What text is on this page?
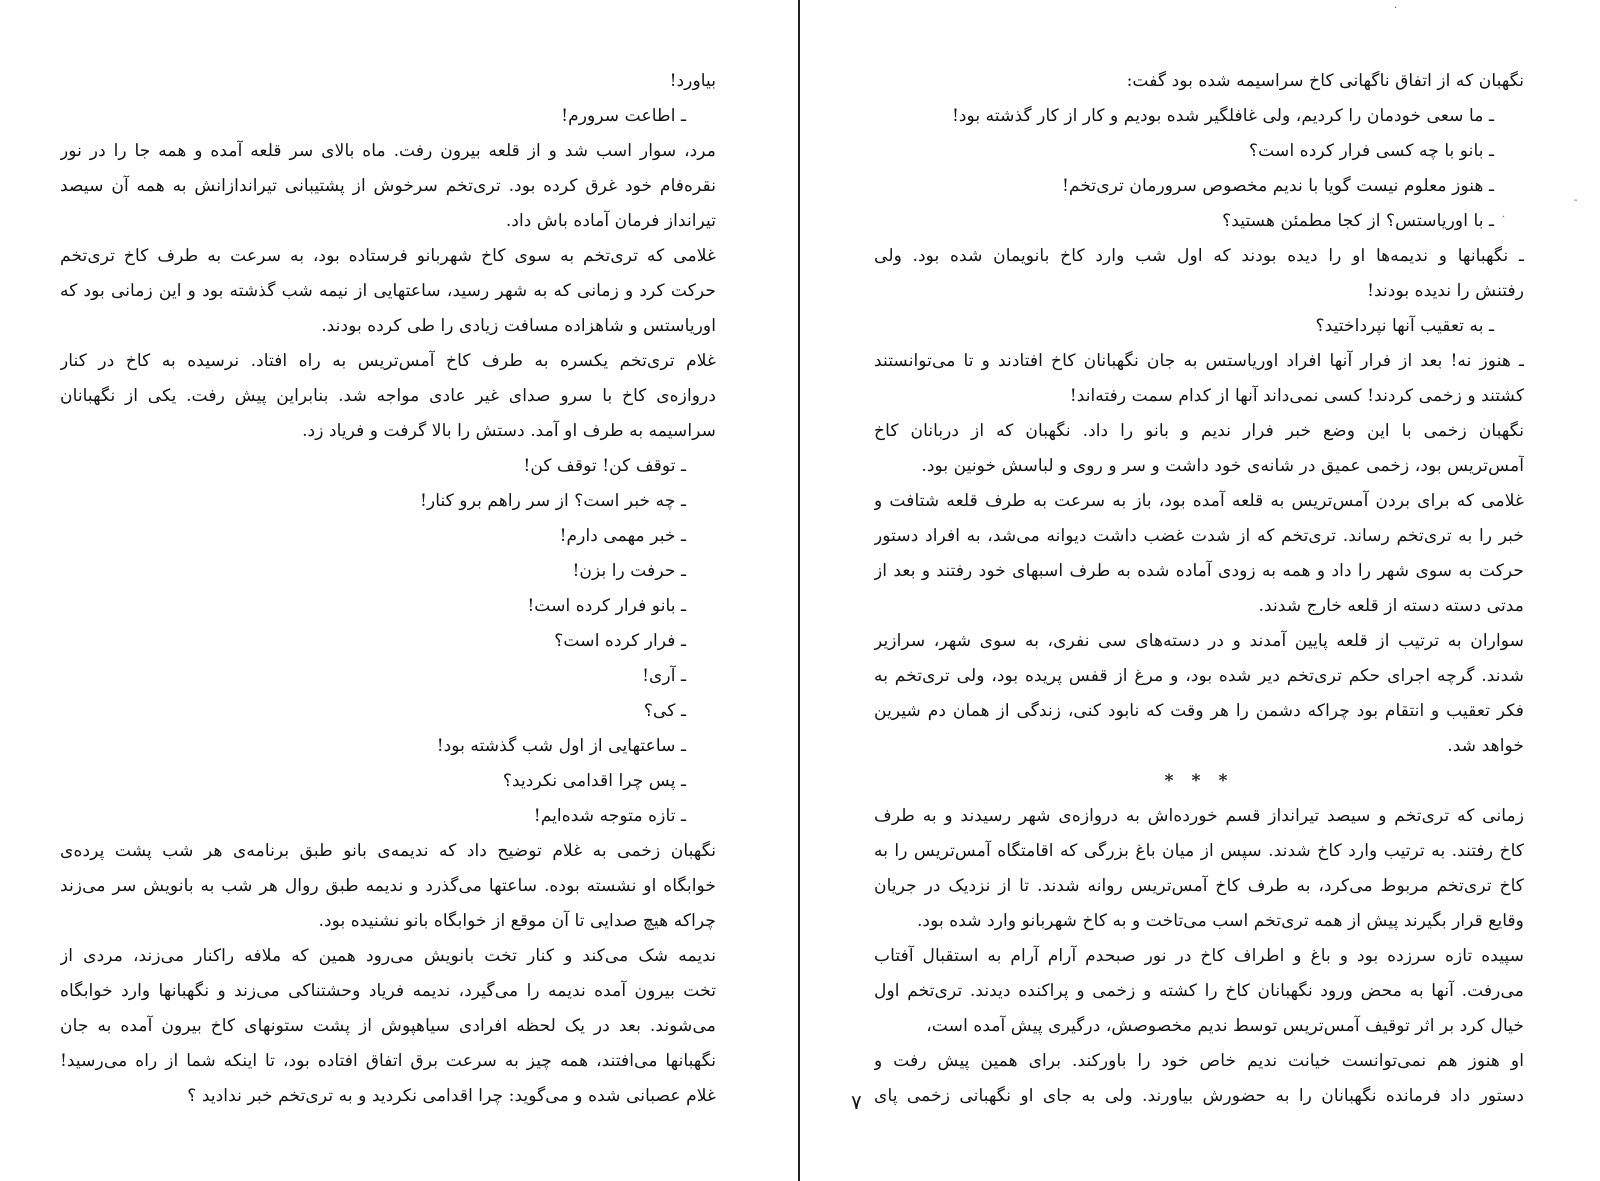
بیاورد!
ـ اطاعت سرورم!
مرد، سوار اسب شد و از قلعه بیرون رفت. ماه بالای سر قلعه آمده و همه جا را در نور
نقره‌فام خود غرق کرده بود. تری‌تخم سرخوش از پشتیبانی تیراندازانش به همه آن سیصد
تیرانداز فرمان آماده باش داد.
غلامی که تری‌تخم به سوی کاخ شهربانو فرستاده بود، به سرعت به طرف کاخ تری‌تخم
حرکت کرد و زمانی که به شهر رسید، ساعتهایی از نیمه شب گذشته بود و این زمانی بود که
اوریاستس و شاهزاده مسافت زیادی را طی کرده بودند.
غلام تری‌تخم یکسره به طرف کاخ آمس‌تریس به راه افتاد. نرسیده به کاخ در کنار
دروازه‌ی کاخ با سرو صدای غیر عادی مواجه شد. بنابراین پیش رفت. یکی از نگهبانان
سراسیمه به طرف او آمد. دستش را بالا گرفت و فریاد زد.
ـ توقف کن! توقف کن!
ـ چه خبر است؟ از سر راهم برو کنار!
ـ خبر مهمی دارم!
ـ حرفت را بزن!
ـ بانو فرار کرده است!
ـ فرار کرده است؟
ـ آری!
ـ کی؟
ـ ساعتهایی از اول شب گذشته بود!
ـ پس چرا اقدامی نکردید؟
ـ تازه متوجه شده‌ایم!
نگهبان زخمی به غلام توضیح داد که ندیمه‌ی بانو طبق برنامه‌ی هر شب پشت پرده‌ی
خوابگاه او نشسته بوده. ساعتها می‌گذرد و ندیمه طبق روال هر شب به بانویش سر می‌زند
چراکه هیچ صدایی تا آن موقع از خوابگاه بانو نشنیده بود.
ندیمه شک می‌کند و کنار تخت بانویش می‌رود همین که ملافه راکنار می‌زند، مردی از
تخت بیرون آمده ندیمه را می‌گیرد، ندیمه فریاد وحشتناکی می‌زند و نگهبانها وارد خوابگاه
می‌شوند. بعد در یک لحظه افرادی سیاهپوش از پشت ستونهای کاخ بیرون آمده به جان
نگهبانها می‌افتند، همه چیز به سرعت برق اتفاق افتاده بود، تا اینکه شما از راه می‌رسید!
غلام عصبانی شده و می‌گوید: چرا اقدامی نکردید و به تری‌تخم خبر ندادید ؟
نگهبان که از اتفاق ناگهانی کاخ سراسیمه شده بود گفت:
ـ ما سعی خودمان را کردیم، ولی غافلگیر شده بودیم و کار از کار گذشته بود!
ـ بانو با چه کسی فرار کرده است؟
ـ هنوز معلوم نیست گویا با ندیم مخصوص سرورمان تری‌تخم!
ـ با اوریاستس؟ از کجا مطمئن هستید؟
ـ نگهبانها و ندیمه‌ها او را دیده بودند که اول شب وارد کاخ بانویمان شده بود. ولی
رفتنش را ندیده بودند!
ـ به تعقیب آنها نپرداختید؟
ـ هنوز نه! بعد از فرار آنها افراد اوریاستس به جان نگهبانان کاخ افتادند و تا می‌توانستند
کشتند و زخمی کردند! کسی نمی‌داند آنها از کدام سمت رفته‌اند!
نگهبان زخمی با این وضع خبر فرار ندیم و بانو را داد. نگهبان که از دربانان کاخ
آمس‌تریس بود، زخمی عمیق در شانه‌ی خود داشت و سر و روی و لباسش خونین بود.
غلامی که برای بردن آمس‌تریس به قلعه آمده بود، باز به سرعت به طرف قلعه شتافت و
خبر را به تری‌تخم رساند. تری‌تخم که از شدت غضب داشت دیوانه می‌شد، به افراد دستور
حرکت به سوی شهر را داد و همه به زودی آماده شده به طرف اسبهای خود رفتند و بعد از
مدتی دسته دسته از قلعه خارج شدند.
سواران به ترتیب از قلعه پایین آمدند و در دسته‌های سی نفری، به سوی شهر، سرازیر
شدند. گرچه اجرای حکم تری‌تخم دیر شده بود، و مرغ از قفس پریده بود، ولی تری‌تخم به
فکر تعقیب و انتقام بود چراکه دشمن را هر وقت که نابود کنی، زندگی از همان دم شیرین
خواهد شد.
* * *
زمانی که تری‌تخم و سیصد تیرانداز قسم خورده‌اش به دروازه‌ی شهر رسیدند و به طرف
کاخ رفتند. به ترتیب وارد کاخ شدند. سپس از میان باغ بزرگی که اقامتگاه آمس‌تریس را به
کاخ تری‌تخم مربوط می‌کرد، به طرف کاخ آمس‌تریس روانه شدند. تا از نزدیک در جریان
وقایع قرار بگیرند پیش از همه تری‌تخم اسب می‌تاخت و به کاخ شهربانو وارد شده بود.
سپیده تازه سرزده بود و باغ و اطراف کاخ در نور صبحدم آرام آرام به استقبال آفتاب
می‌رفت. آنها به محض ورود نگهبانان کاخ را کشته و زخمی و پراکنده دیدند. تری‌تخم اول
خیال کرد بر اثر توقیف آمس‌تریس توسط ندیم مخصوصش، درگیری پیش آمده است،
او هنوز هم نمی‌توانست خیانت ندیم خاص خود را باورکند. برای همین پیش رفت و
دستور داد فرمانده نگهبانان را به حضورش بیاورند. ولی به جای او نگهبانی زخمی پای
۷
·
-
·
